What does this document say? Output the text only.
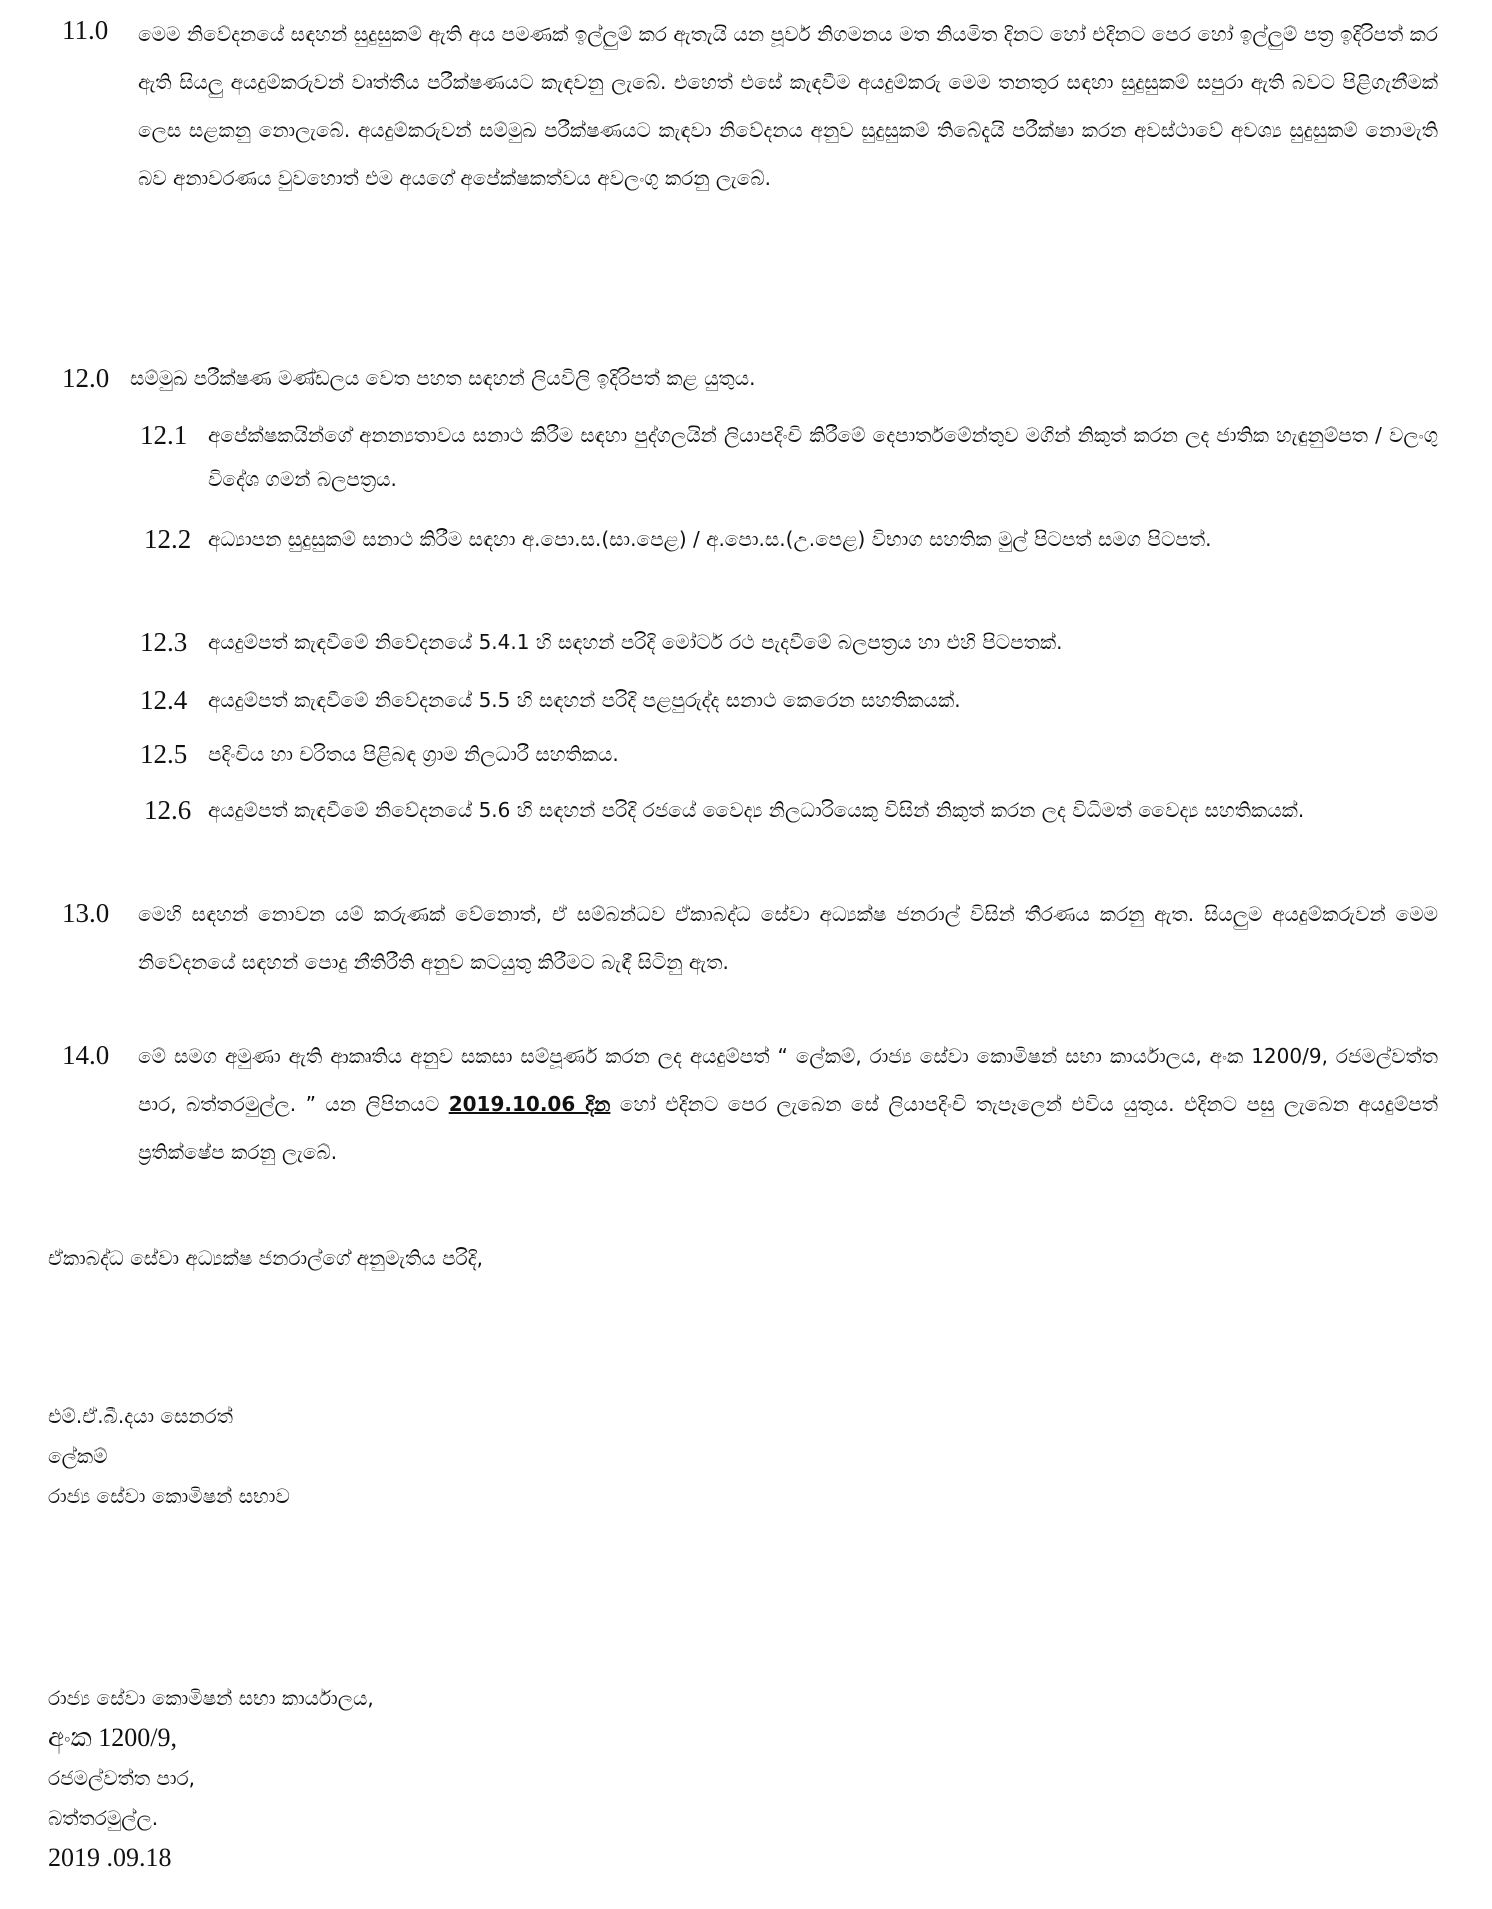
11.0 මෙම නිවේදනයේ සඳහන් සුදුසුකම් ඇති අය පමණක් ඉල්ලුම් කර ඇතැයි යන පූර්ව නිගමනය මත නියමිත දිනට හෝ එදිනට පෙර හෝ ඉල්ලුම් පත්‍ර ඉදිරිපත් කර ඇති සියලු අයදුම්කරුවන් වෘත්තීය පරීක්ෂණයට කැඳවනු ලැබේ. එහෙත් එසේ කැඳවීම අයදුම්කරු මෙම තනතුර සඳහා සුදුසුකම් සපුරා ඇති බවට පිළිගැනීමක් ලෙස සළකනු නොලැබේ. අයදුම්කරුවන් සම්මුඛ පරීක්ෂණයට කැඳවා නිවේදනය අනුව සුදුසුකම් තිබේදැයි පරීක්ෂා කරන අවස්ථාවේ අවශ්‍ය සුදුසුකම් නොමැති බව අනාවරණය වුවහොත් එම අයගේ අපේක්ෂකත්වය අවලංගු කරනු ලැබේ.
12.0 සම්මුඛ පරීක්ෂණ මණ්ඩලය වෙත පහත සඳහන් ලියවිලි ඉදිරිපත් කළ යුතුය.
12.1 අපේක්ෂකයින්ගේ අනන්‍යතාවය සනාථ කිරීම සඳහා පුද්ගලයින් ලියාපදිංචි කිරීමේ දෙපාර්තමේන්තුව මගින් නිකුත් කරන ලද ජාතික හැඳුනුම්පත / වලංගු විදේශ ගමන් බලපත්‍රය.
12.2 අධ්‍යාපන සුදුසුකම් සනාථ කිරීම සඳහා අ.පො.ස.(සා.පෙළ) / අ.පො.ස.(උ.පෙළ) විභාග සහතික මුල් පිටපත් සමග පිටපත්.
12.3 අයදුම්පත් කැඳවීමේ නිවේදනයේ 5.4.1 හි සඳහන් පරිදි මෝටර් රථ පැදවීමේ බලපත්‍රය හා එහි පිටපතක්.
12.4 අයදුම්පත් කැඳවීමේ නිවේදනයේ 5.5 හි සඳහන් පරිදි පළපුරුද්ද සනාථ කෙරෙන සහතිකයක්.
12.5 පදිංචිය හා චරිතය පිළිබඳ ග්‍රාම නිලධාරී සහතිකය.
12.6 අයදුම්පත් කැඳවීමේ නිවේදනයේ 5.6 හි සඳහන් පරිදි රජයේ වෛද්‍ය නිලධාරියෙකු විසින් නිකුත් කරන ලද විධිමත් වෛද්‍ය සහතිකයක්.
13.0 මෙහි සඳහන් නොවන යම් කරුණක් වේනොත්, ඒ සම්බන්ධව ඒකාබද්ධ සේවා අධ්‍යක්ෂ ජනරාල් විසින් තීරණය කරනු ඇත. සියලුම අයදුම්කරුවන් මෙම නිවේදනයේ සඳහන් පොදු නීතිරීති අනුව කටයුතු කිරීමට බැඳී සිටිනු ඇත.
14.0 මේ සමග අමුණා ඇති ආකෘතිය අනුව සකසා සම්පූර්ණ කරන ලද අයදුම්පත් “ ලේකම්, රාජ්‍ය සේවා කොමිෂන් සභා කාර්යාලය, අංක 1200/9, රජමල්වත්ත පාර, බත්තරමුල්ල. ” යන ලිපිනයට 2019.10.06 දින හෝ එදිනට පෙර ලැබෙන සේ ලියාපදිංචි තැපෑලෙන් එවිය යුතුය. එදිනට පසු ලැබෙන අයදුම්පත් ප්‍රතික්ෂේප කරනු ලැබේ.
ඒකාබද්ධ සේවා අධ්‍යක්ෂ ජනරාල්ගේ අනුමැතිය පරිදි,
එම්.ඒ.බී.දයා සෙනරත්
ලේකම්
රාජ්‍ය සේවා කොමිෂන් සභාව
රාජ්‍ය සේවා කොමිෂන් සභා කාර්යාලය,
අංක 1200/9,
රජමල්වත්ත පාර,
බත්තරමුල්ල.
2019 .09.18
